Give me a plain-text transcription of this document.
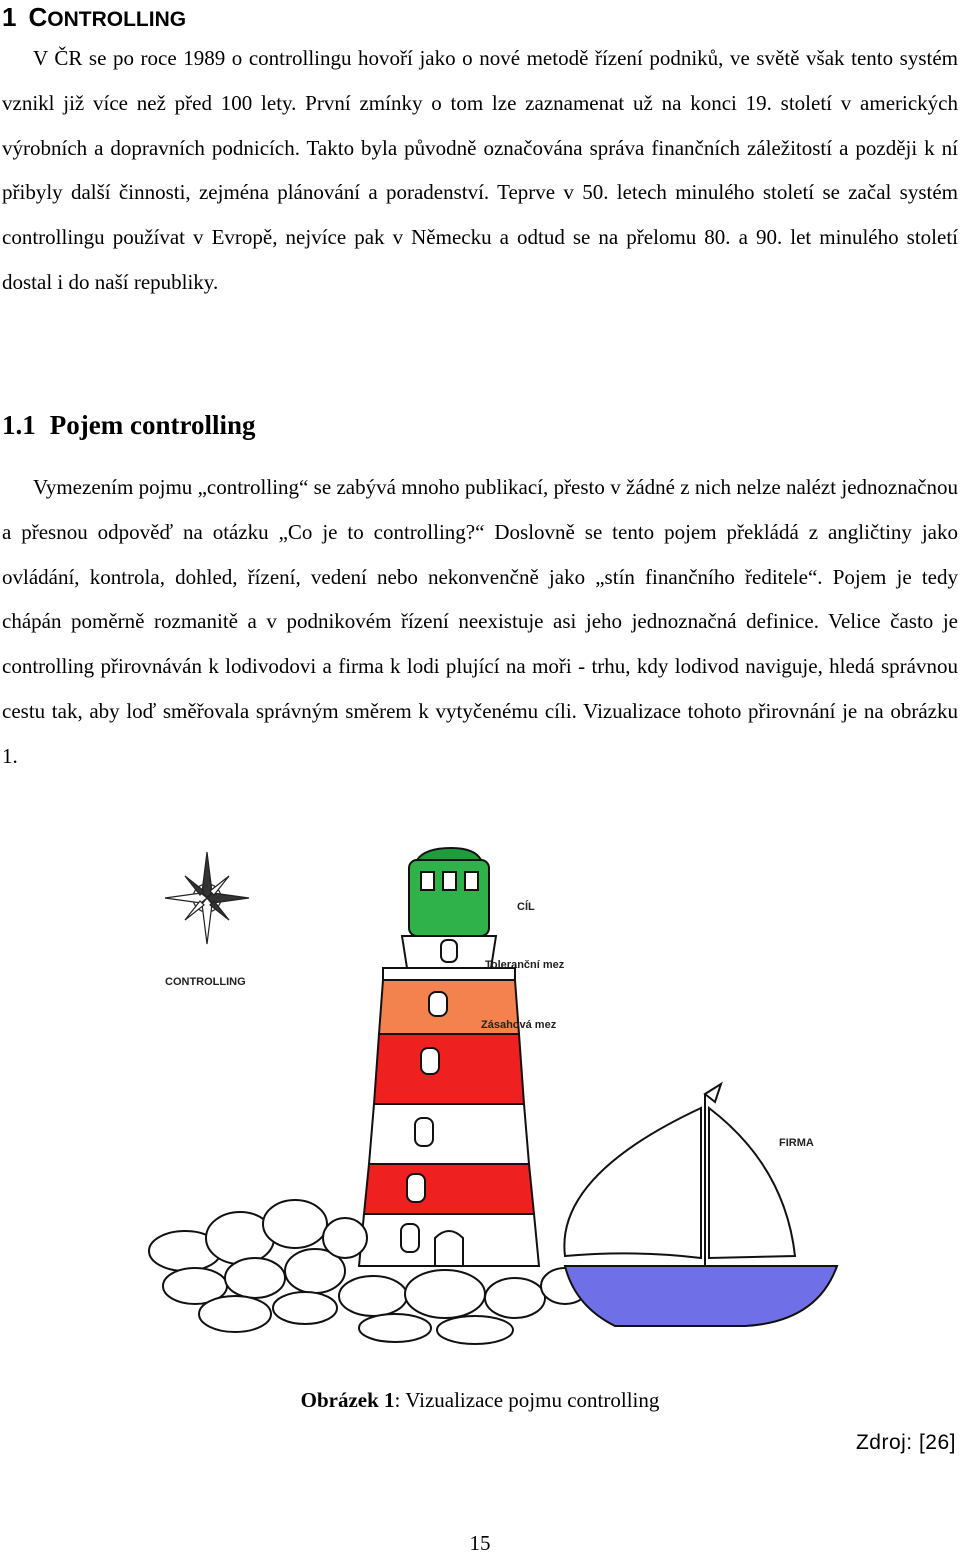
1 CONTROLLING

V ČR se po roce 1989 o controllingu hovoří jako o nové metodě řízení podniků, ve světě však tento systém vznikl již více než před 100 lety. První zmínky o tom lze zaznamenat už na konci 19. století v amerických výrobních a dopravních podnicích. Takto byla původně označována správa finančních záležitostí a později k ní přibyly další činnosti, zejména plánování a poradenství. Teprve v 50. letech minulého století se začal systém controllingu používat v Evropě, nejvíce pak v Německu a odtud se na přelomu 80. a 90. let minulého století dostal i do naší republiky.

1.1 Pojem controlling

Vymezením pojmu „controlling“ se zabývá mnoho publikací, přesto v žádné z nich nelze nalézt jednoznačnou a přesnou odpověď na otázku „Co je to controlling?“ Doslovně se tento pojem překládá z angličtiny jako ovládání, kontrola, dohled, řízení, vedení nebo nekonvenčně jako „stín finančního ředitele“. Pojem je tedy chápán poměrně rozmanitě a v podnikovém řízení neexistuje asi jeho jednoznačná definice. Velice často je controlling přirovnáván k lodivodovi a firma k lodi plující na moři - trhu, kdy lodivod naviguje, hledá správnou cestu tak, aby loď směřovala správným směrem k vytyčenému cíli. Vizualizace tohoto přirovnání je na obrázku 1.

CONTROLLING
CÍL
Toleranční mez
Zásahová mez
FIRMA
Obrázek 1: Vizualizace pojmu controlling
Zdroj: [26]
15
